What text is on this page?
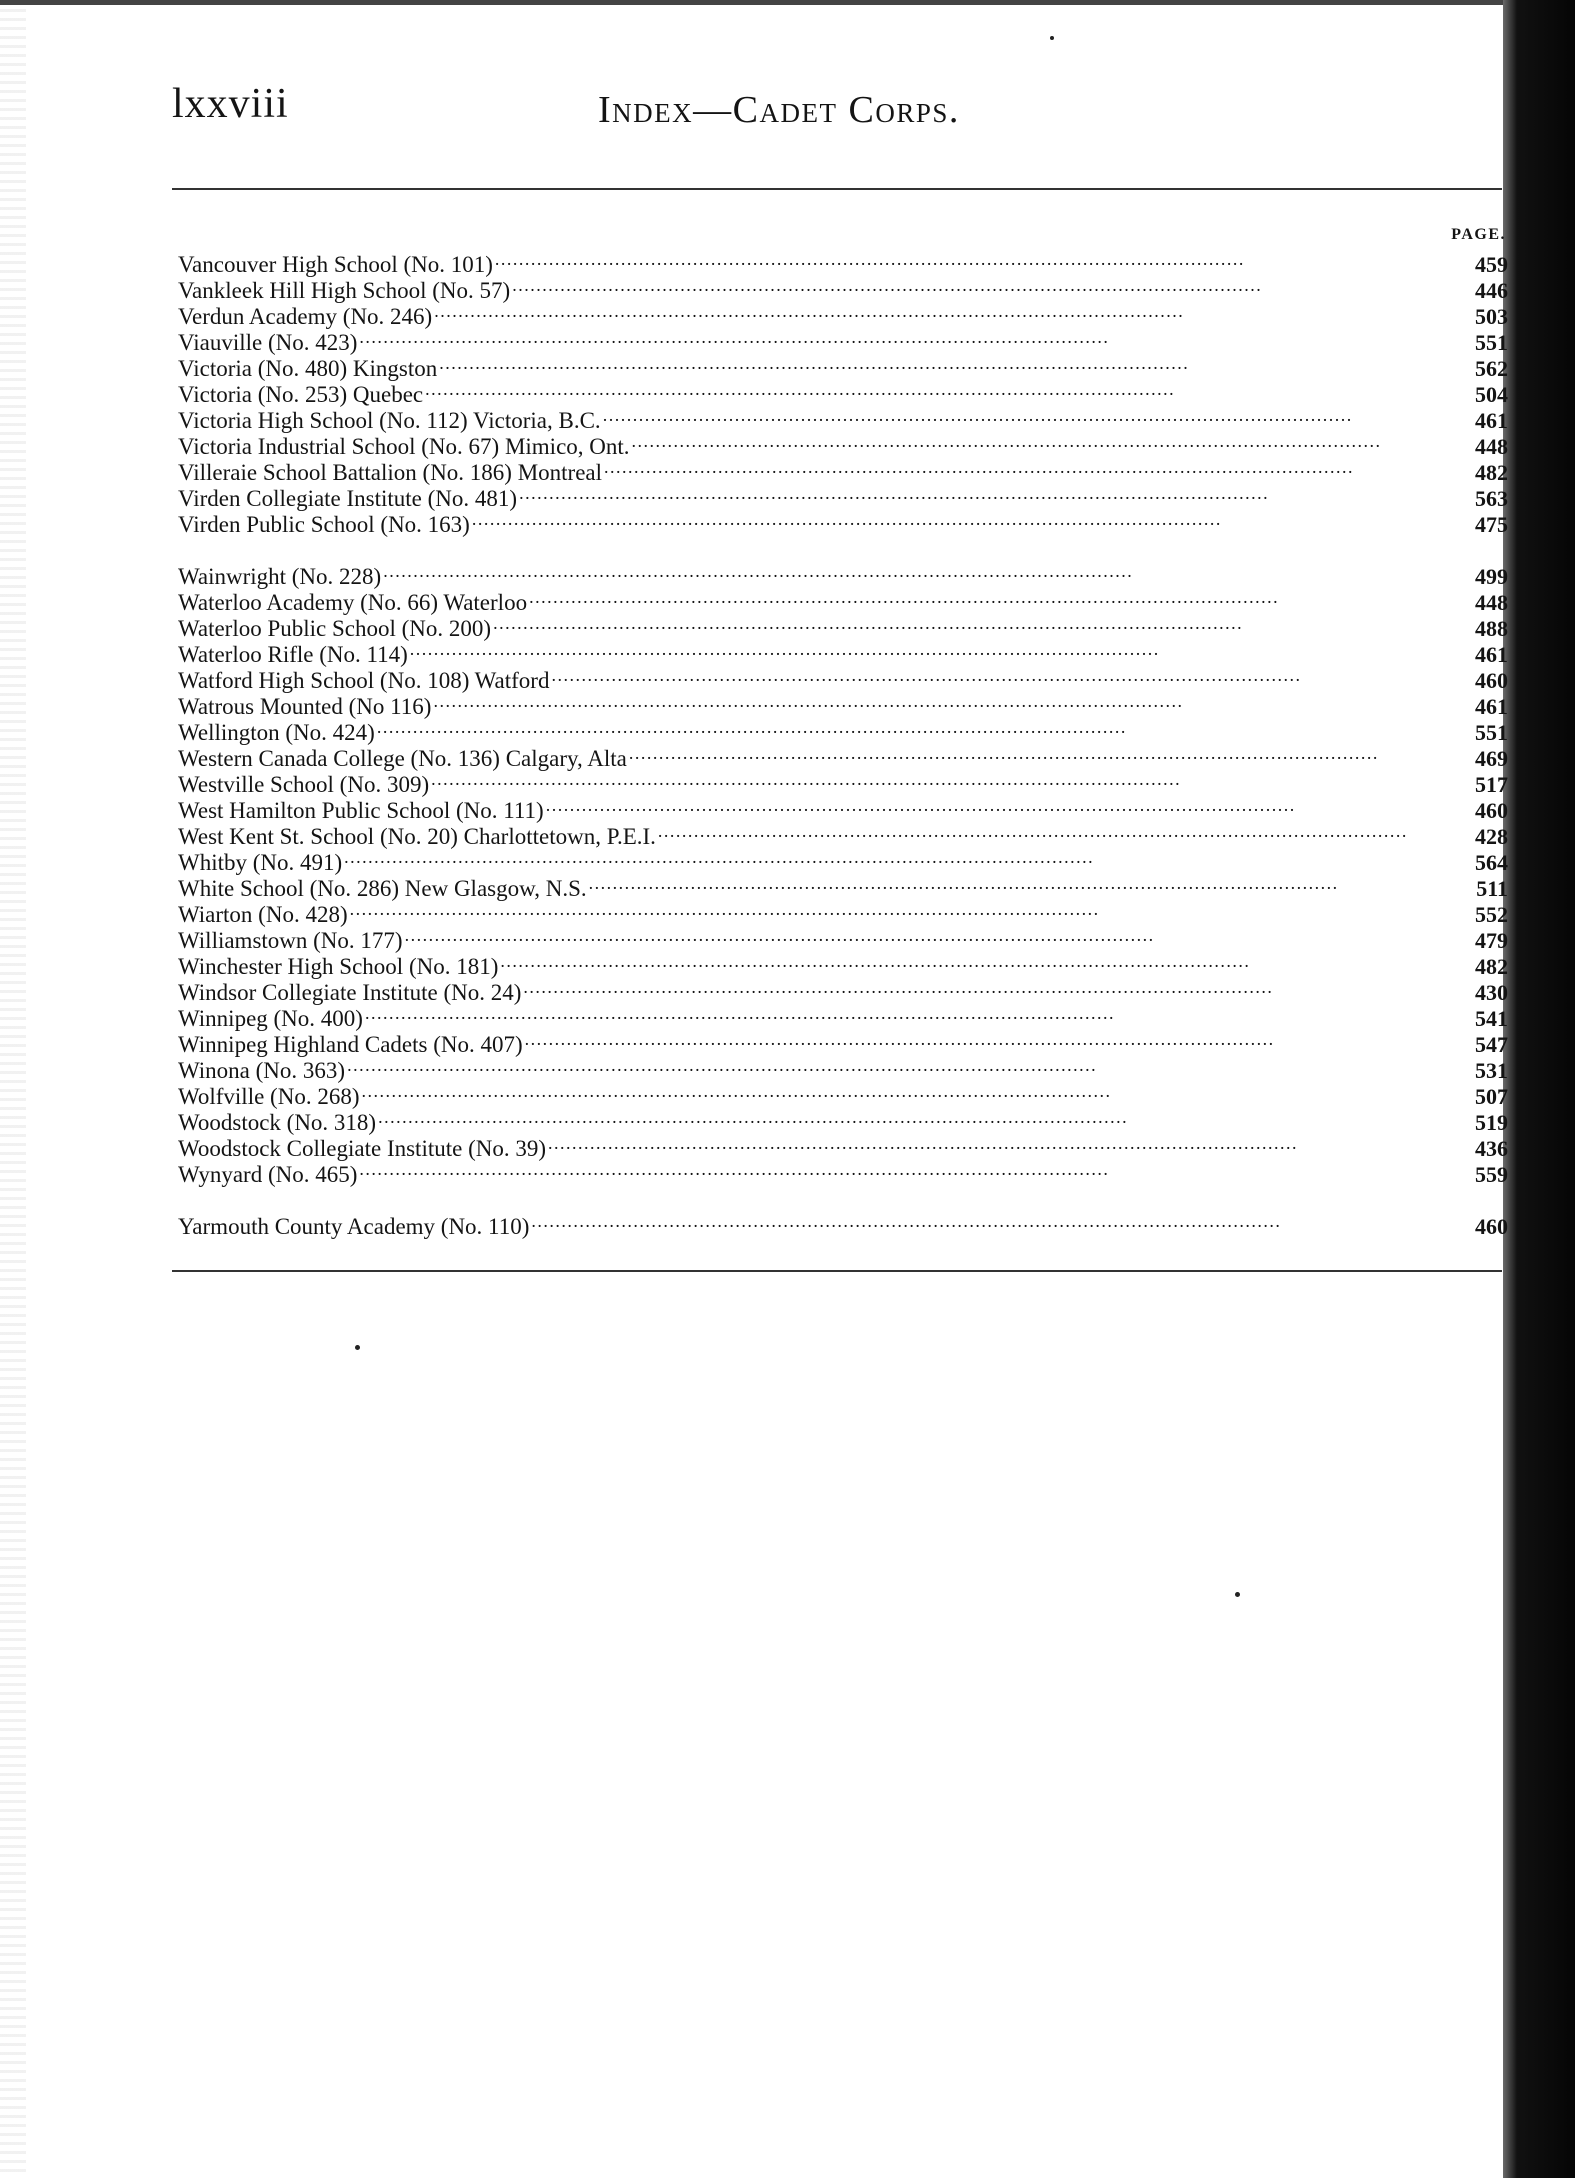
lxxviii	Index—Cadet Corps.
PAGE.
Vancouver High School (No. 101) . . .	459
Vankleek Hill High School (No. 57) . . .	446
Verdun Academy (No. 246) . . .	503
Viauville (No. 423) . . .	551
Victoria (No. 480) Kingston . . .	562
Victoria (No. 253) Quebec . . .	504
Victoria High School (No. 112) Victoria, B.C. . . .	461
Victoria Industrial School (No. 67) Mimico, Ont. . . .	448
Villeraie School Battalion (No. 186) Montreal . . .	482
Virden Collegiate Institute (No. 481) . . .	563
Virden Public School (No. 163) . . .	475
Wainwright (No. 228) . . .	499
Waterloo Academy (No. 66) Waterloo . . .	448
Waterloo Public School (No. 200) . . .	488
Waterloo Rifle (No. 114) . . .	461
Watford High School (No. 108) Watford . . .	460
Watrous Mounted (No 116) . . .	461
Wellington (No. 424) . . .	551
Western Canada College (No. 136) Calgary, Alta . . .	469
Westville School (No. 309) . . .	517
West Hamilton Public School (No. 111) . . .	460
West Kent St. School (No. 20) Charlottetown, P.E.I. . . .	428
Whitby (No. 491) . . .	564
White School (No. 286) New Glasgow, N.S. . . .	511
Wiarton (No. 428) . . .	552
Williamstown (No. 177) . . .	479
Winchester High School (No. 181) . . .	482
Windsor Collegiate Institute (No. 24) . . .	430
Winnipeg (No. 400) . . .	541
Winnipeg Highland Cadets (No. 407) . . .	547
Winona (No. 363) . . .	531
Wolfville (No. 268) . . .	507
Woodstock (No. 318) . . .	519
Woodstock Collegiate Institute (No. 39) . . .	436
Wynyard (No. 465) . . .	559
Yarmouth County Academy (No. 110) . . .	460
